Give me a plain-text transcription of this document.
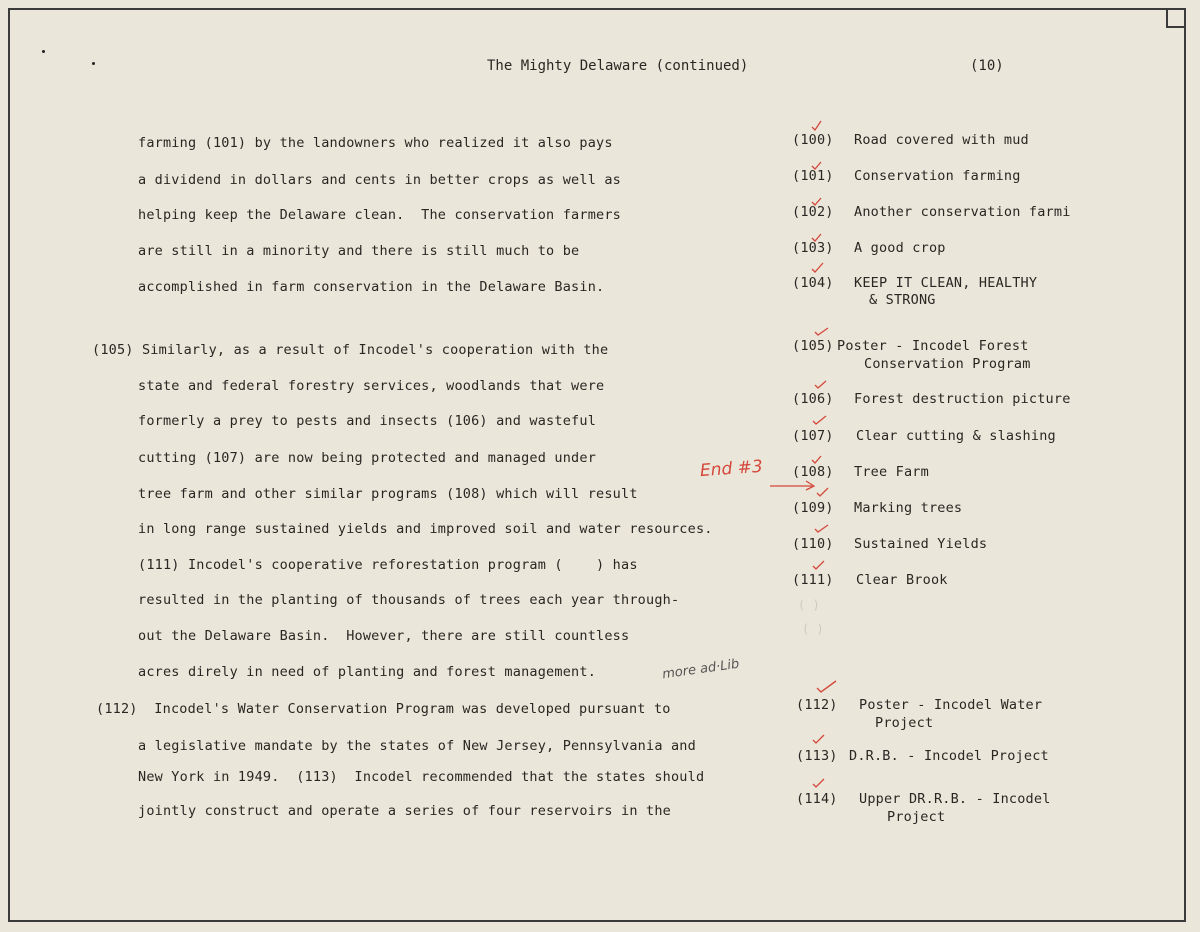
The Mighty Delaware (continued)	(10)
farming (101) by the landowners who realized it also pays
a dividend in dollars and cents in better crops as well as
helping keep the Delaware clean.  The conservation farmers
are still in a minority and there is still much to be
accomplished in farm conservation in the Delaware Basin.
(105) Similarly, as a result of Incodel's cooperation with the
state and federal forestry services, woodlands that were
formerly a prey to pests and insects (106) and wasteful
cutting (107) are now being protected and managed under
tree farm and other similar programs (108) which will result
in long range sustained yields and improved soil and water resources.
(111) Incodel's cooperative reforestation program (    ) has
resulted in the planting of thousands of trees each year through-
out the Delaware Basin.  However, there are still countless
acres direly in need of planting and forest management.
(112)  Incodel's Water Conservation Program was developed pursuant to
a legislative mandate by the states of New Jersey, Pennsylvania and
New York in 1949.  (113)  Incodel recommended that the states should
jointly construct and operate a series of four reservoirs in the
(100) Road covered with mud
(101) Conservation farming
(102) Another conservation farmi
(103) A good crop
(104) KEEP IT CLEAN, HEALTHY
& STRONG
(105) Poster - Incodel Forest
Conservation Program
(106) Forest destruction picture
(107) Clear cutting & slashing
(108) Tree Farm
(109) Marking trees
(110) Sustained Yields
(111) Clear Brook
(112) Poster - Incodel Water
Project
(113) D.R.B. - Incodel Project
(114) Upper DR.R.B. - Incodel
Project
End #3
more ad·Lib
( )
( )
